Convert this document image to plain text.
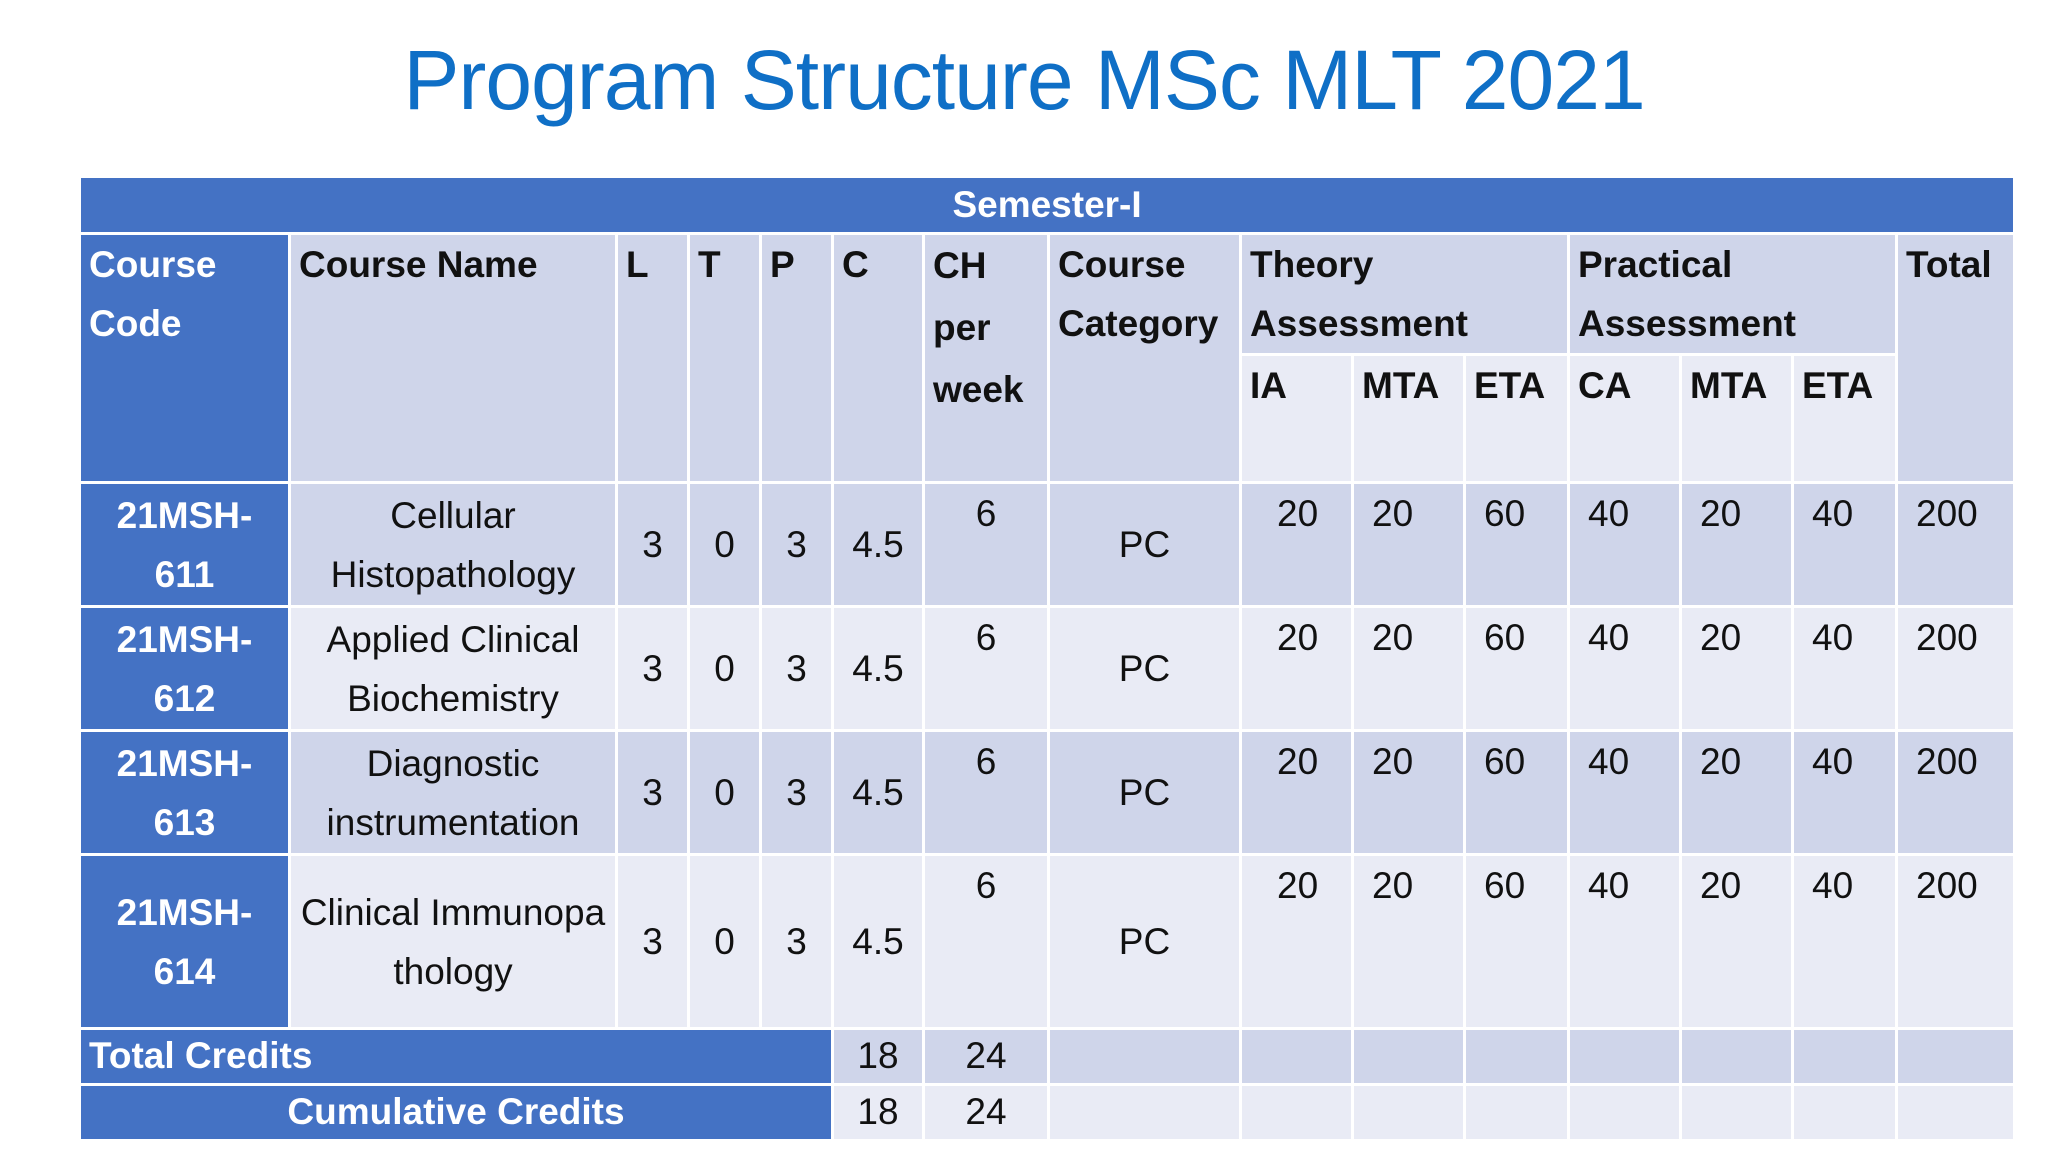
Program Structure MSc MLT 2021
Semester-I														
Course Code	Course Name	L	T	P	C	CH per week	Course Category	Theory Assessment			Practical Assessment			Total
								IA	MTA	ETA	CA	MTA	ETA	
21MSH-611	Cellular Histopathology	3	0	3	4.5	6	PC	20	20	60	40	20	40	200
21MSH-612	Applied Clinical Biochemistry	3	0	3	4.5	6	PC	20	20	60	40	20	40	200
21MSH-613	Diagnostic instrumentation	3	0	3	4.5	6	PC	20	20	60	40	20	40	200
21MSH-614	Clinical Immunopathology	3	0	3	4.5	6	PC	20	20	60	40	20	40	200
Total Credits					18	24								
Cumulative Credits					18	24								
